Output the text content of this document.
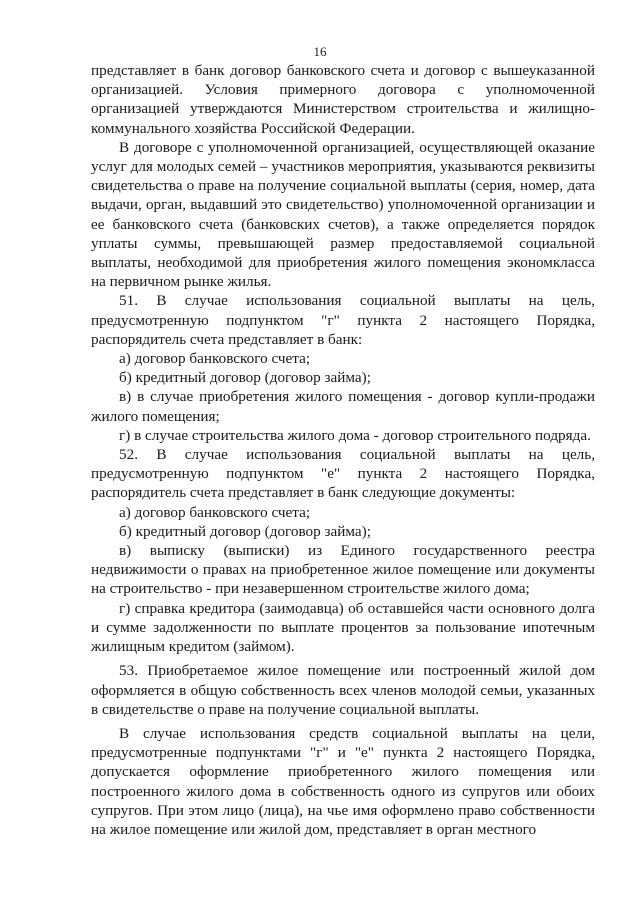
16

представляет в банк договор банковского счета и договор с вышеуказанной организацией. Условия примерного договора с уполномоченной организацией утверждаются Министерством строительства и жилищно-коммунального хозяйства Российской Федерации.

В договоре с уполномоченной организацией, осуществляющей оказание услуг для молодых семей – участников мероприятия, указываются реквизиты свидетельства о праве на получение социальной выплаты (серия, номер, дата выдачи, орган, выдавший это свидетельство) уполномоченной организации и ее банковского счета (банковских счетов), а также определяется порядок уплаты суммы, превышающей размер предоставляемой социальной выплаты, необходимой для приобретения жилого помещения экономкласса на первичном рынке жилья.

51. В случае использования социальной выплаты на цель, предусмотренную подпунктом "г" пункта 2 настоящего Порядка, распорядитель счета представляет в банк:

а) договор банковского счета;

б) кредитный договор (договор займа);

в) в случае приобретения жилого помещения - договор купли-продажи жилого помещения;

г) в случае строительства жилого дома - договор строительного подряда.

52. В случае использования социальной выплаты на цель, предусмотренную подпунктом "е" пункта 2 настоящего Порядка, распорядитель счета представляет в банк следующие документы:

а) договор банковского счета;

б) кредитный договор (договор займа);

в) выписку (выписки) из Единого государственного реестра недвижимости о правах на приобретенное жилое помещение или документы на строительство - при незавершенном строительстве жилого дома;

г) справка кредитора (заимодавца) об оставшейся части основного долга и сумме задолженности по выплате процентов за пользование ипотечным жилищным кредитом (займом).

53. Приобретаемое жилое помещение или построенный жилой дом оформляется в общую собственность всех членов молодой семьи, указанных в свидетельстве о праве на получение социальной выплаты.

В случае использования средств социальной выплаты на цели, предусмотренные подпунктами "г" и "е" пункта 2 настоящего Порядка, допускается оформление приобретенного жилого помещения или построенного жилого дома в собственность одного из супругов или обоих супругов. При этом лицо (лица), на чье имя оформлено право собственности на жилое помещение или жилой дом, представляет в орган местного
